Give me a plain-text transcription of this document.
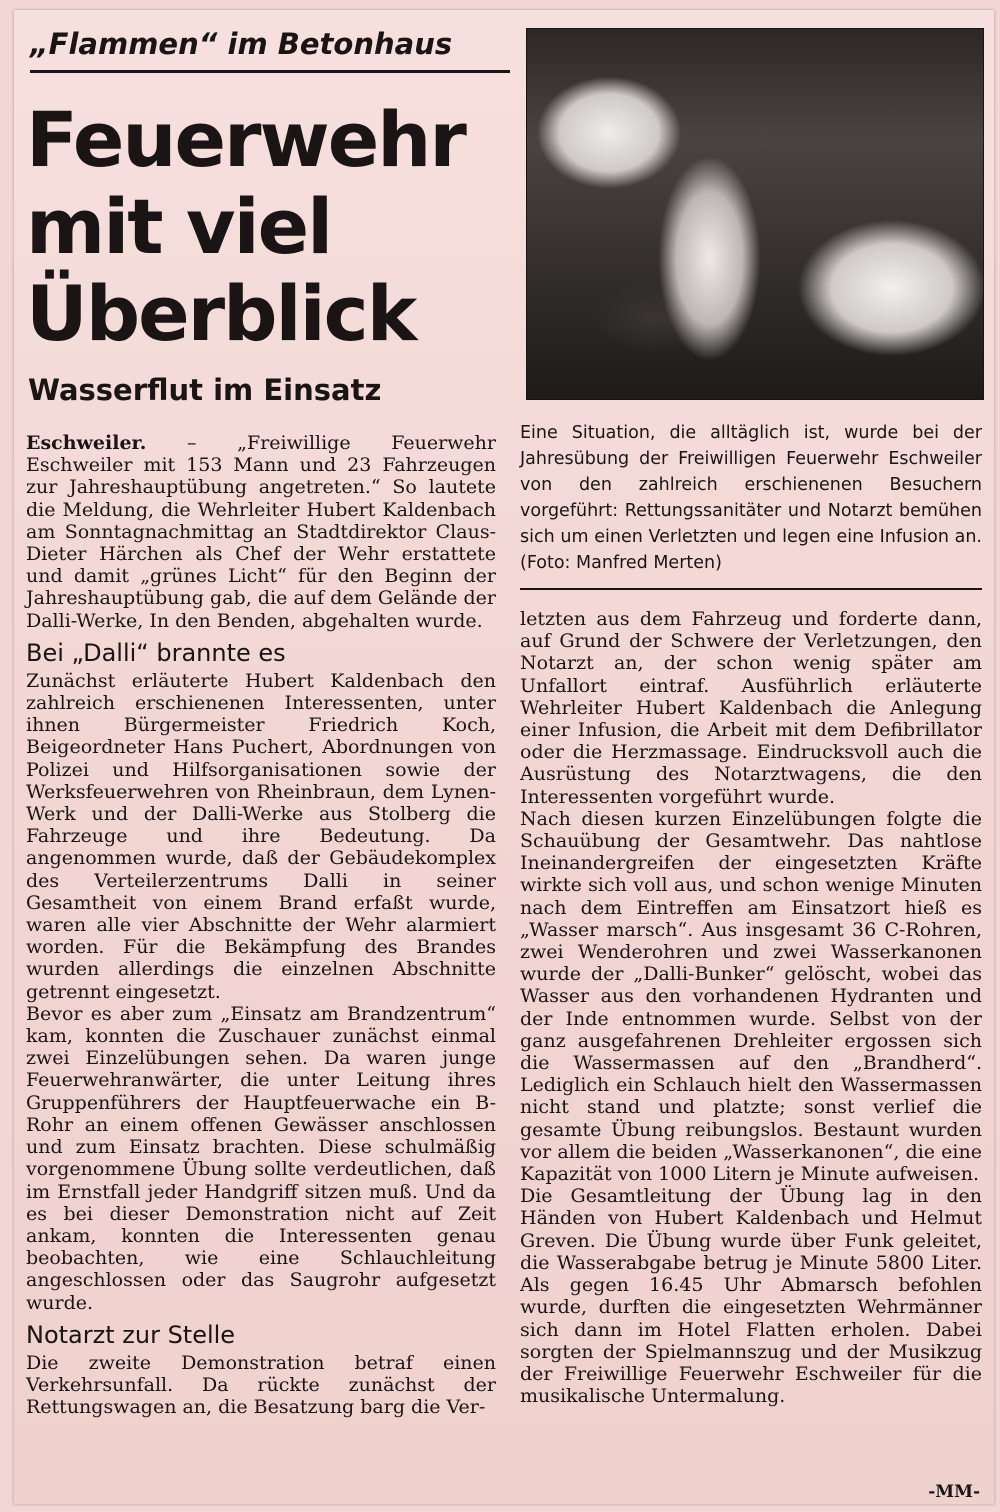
„Flammen“ im Betonhaus
Feuerwehr
mit viel
Überblick
Wasserflut im Einsatz
Eine Situation, die alltäglich ist, wurde bei der Jahresübung der Freiwilligen Feuerwehr Eschweiler von den zahlreich erschienenen Besuchern vorgeführt: Rettungssanitäter und Notarzt bemühen sich um einen Verletzten und legen eine Infusion an. (Foto: Manfred Merten)

Eschweiler. – „Freiwillige Feuerwehr Eschweiler mit 153 Mann und 23 Fahrzeugen zur Jahreshauptübung angetreten.“ So lautete die Meldung, die Wehrleiter Hubert Kaldenbach am Sonntagnachmittag an Stadtdirektor Claus-Dieter Härchen als Chef der Wehr erstattete und damit „grünes Licht“ für den Beginn der Jahreshauptübung gab, die auf dem Gelände der Dalli-Werke, In den Benden, abgehalten wurde.

Bei „Dalli“ brannte es

Zunächst erläuterte Hubert Kaldenbach den zahlreich erschienenen Interessenten, unter ihnen Bürgermeister Friedrich Koch, Beigeordneter Hans Puchert, Abordnungen von Polizei und Hilfsorganisationen sowie der Werksfeuerwehren von Rheinbraun, dem Lynen-Werk und der Dalli-Werke aus Stolberg die Fahrzeuge und ihre Bedeutung. Da angenommen wurde, daß der Gebäudekomplex des Verteilerzentrums Dalli in seiner Gesamtheit von einem Brand erfaßt wurde, waren alle vier Abschnitte der Wehr alarmiert worden. Für die Bekämpfung des Brandes wurden allerdings die einzelnen Abschnitte getrennt eingesetzt.

Bevor es aber zum „Einsatz am Brandzentrum“ kam, konnten die Zuschauer zunächst einmal zwei Einzelübungen sehen. Da waren junge Feuerwehranwärter, die unter Leitung ihres Gruppenführers der Hauptfeuerwache ein B-Rohr an einem offenen Gewässer anschlossen und zum Einsatz brachten. Diese schulmäßig vorgenommene Übung sollte verdeutlichen, daß im Ernstfall jeder Handgriff sitzen muß. Und da es bei dieser Demonstration nicht auf Zeit ankam, konnten die Interessenten genau beobachten, wie eine Schlauchleitung angeschlossen oder das Saugrohr aufgesetzt wurde.

Notarzt zur Stelle

Die zweite Demonstration betraf einen Verkehrsunfall. Da rückte zunächst der Rettungswagen an, die Besatzung barg die Ver-

letzten aus dem Fahrzeug und forderte dann, auf Grund der Schwere der Verletzungen, den Notarzt an, der schon wenig später am Unfallort eintraf. Ausführlich erläuterte Wehrleiter Hubert Kaldenbach die Anlegung einer Infusion, die Arbeit mit dem Defibrillator oder die Herzmassage. Eindrucksvoll auch die Ausrüstung des Notarztwagens, die den Interessenten vorgeführt wurde.

Nach diesen kurzen Einzelübungen folgte die Schauübung der Gesamtwehr. Das nahtlose Ineinandergreifen der eingesetzten Kräfte wirkte sich voll aus, und schon wenige Minuten nach dem Eintreffen am Einsatzort hieß es „Wasser marsch“. Aus insgesamt 36 C-Rohren, zwei Wenderohren und zwei Wasserkanonen wurde der „Dalli-Bunker“ gelöscht, wobei das Wasser aus den vorhandenen Hydranten und der Inde entnommen wurde. Selbst von der ganz ausgefahrenen Drehleiter ergossen sich die Wassermassen auf den „Brandherd“. Lediglich ein Schlauch hielt den Wassermassen nicht stand und platzte; sonst verlief die gesamte Übung reibungslos. Bestaunt wurden vor allem die beiden „Wasserkanonen“, die eine Kapazität von 1000 Litern je Minute aufweisen.

Die Gesamtleitung der Übung lag in den Händen von Hubert Kaldenbach und Helmut Greven. Die Übung wurde über Funk geleitet, die Wasserabgabe betrug je Minute 5800 Liter. Als gegen 16.45 Uhr Abmarsch befohlen wurde, durften die eingesetzten Wehrmänner sich dann im Hotel Flatten erholen. Dabei sorgten der Spielmannszug und der Musikzug der Freiwillige Feuerwehr Eschweiler für die musikalische Untermalung.

-MM-
